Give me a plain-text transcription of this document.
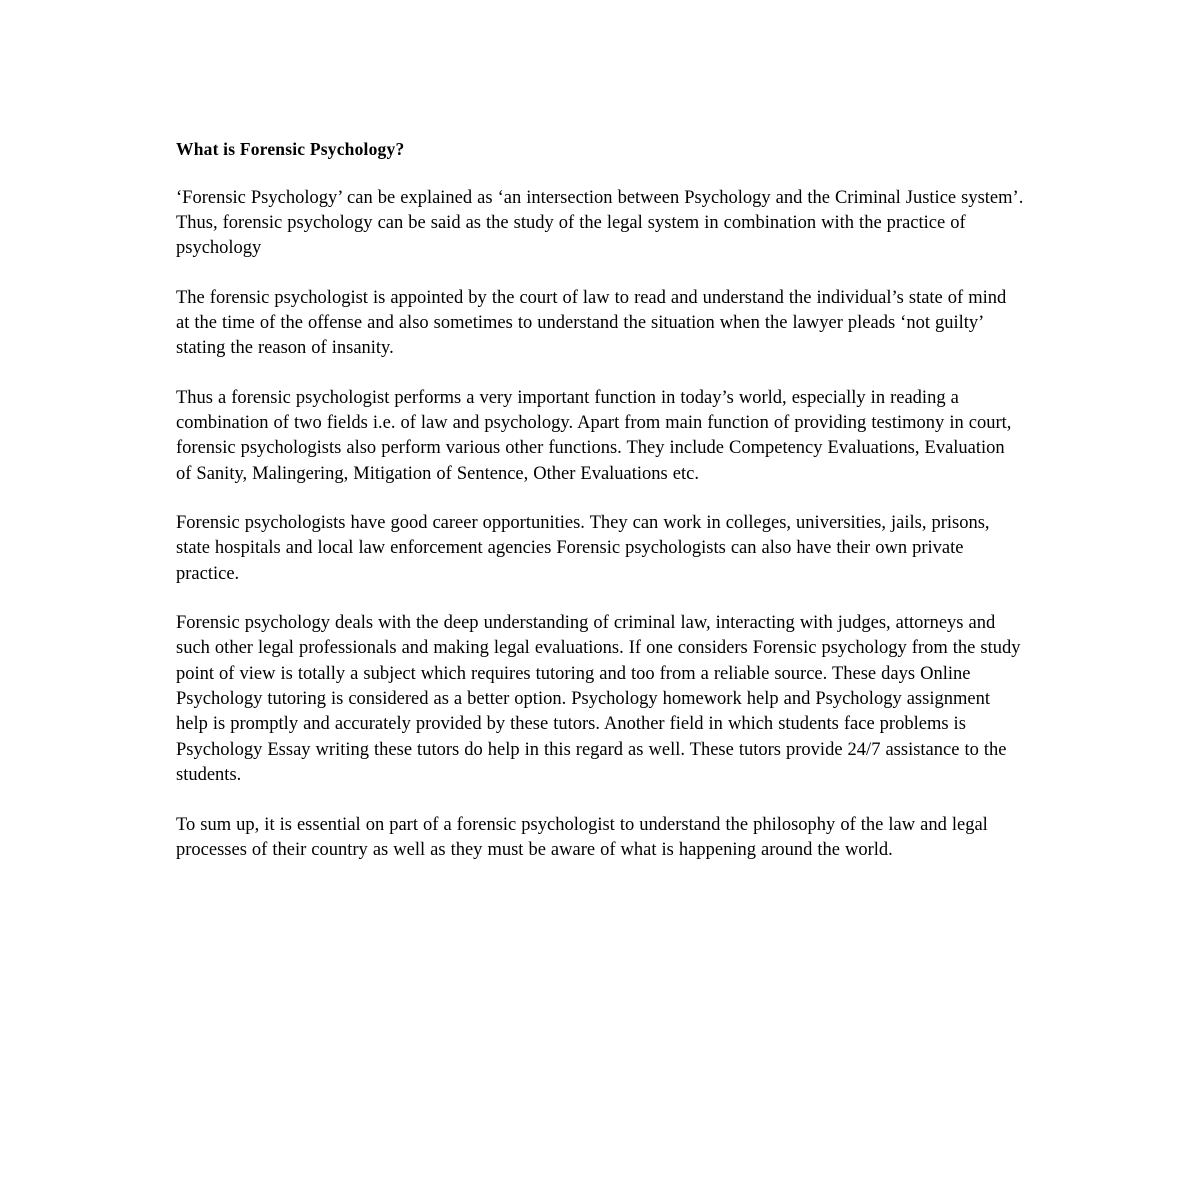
What is Forensic Psychology?

‘Forensic Psychology’ can be explained as ‘an intersection between Psychology and the Criminal Justice system’. Thus, forensic psychology can be said as the study of the legal system in combination with the practice of psychology

The forensic psychologist is appointed by the court of law to read and understand the individual’s state of mind at the time of the offense and also sometimes to understand the situation when the lawyer pleads ‘not guilty’ stating the reason of insanity.

Thus a forensic psychologist performs a very important function in today’s world, especially in reading a combination of two fields i.e. of law and psychology. Apart from main function of providing testimony in court, forensic psychologists also perform various other functions. They include Competency Evaluations, Evaluation of Sanity, Malingering, Mitigation of Sentence, Other Evaluations etc.

Forensic psychologists have good career opportunities. They can work in colleges, universities, jails, prisons, state hospitals and local law enforcement agencies Forensic psychologists can also have their own private practice.

Forensic psychology deals with the deep understanding of criminal law, interacting with judges, attorneys and such other legal professionals and making legal evaluations. If one considers Forensic psychology from the study point of view is totally a subject which requires tutoring and too from a reliable source. These days Online Psychology tutoring is considered as a better option. Psychology homework help and Psychology assignment help is promptly and accurately provided by these tutors. Another field in which students face problems is Psychology Essay writing these tutors do help in this regard as well. These tutors provide 24/7 assistance to the students.

To sum up, it is essential on part of a forensic psychologist to understand the philosophy of the law and legal processes of their country as well as they must be aware of what is happening around the world.
